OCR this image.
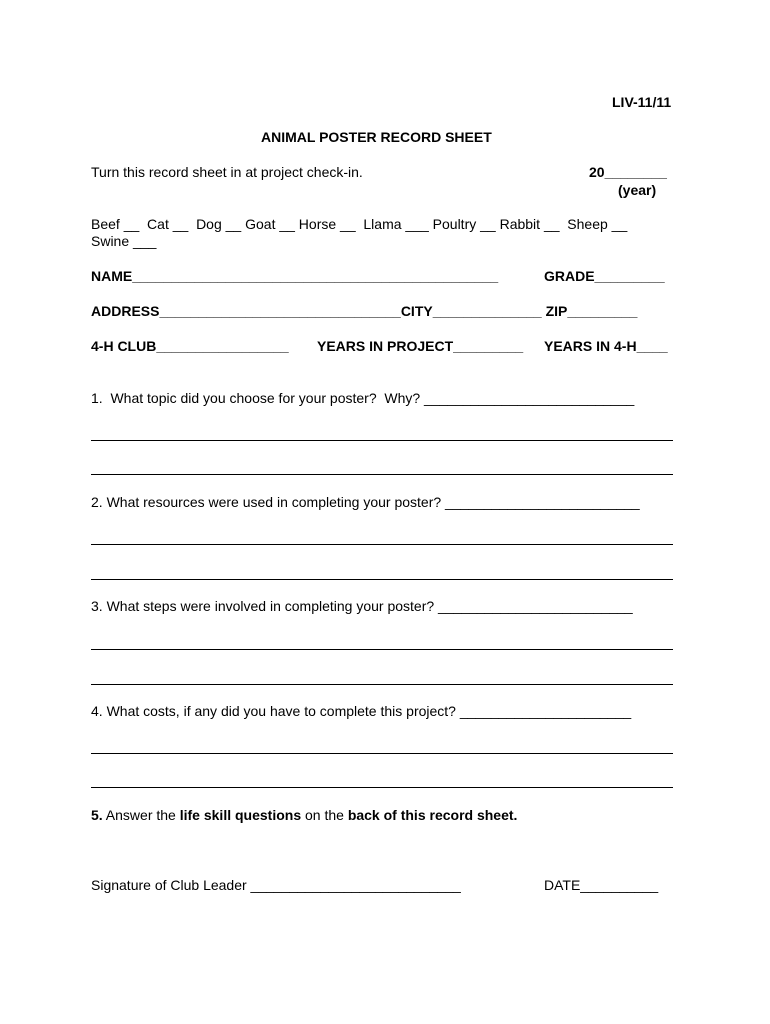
LIV-11/11
ANIMAL POSTER RECORD SHEET
Turn this record sheet in at project check-in.	20________
(year)
Beef __  Cat __  Dog __ Goat __ Horse __  Llama ___ Poultry __ Rabbit __  Sheep __
Swine ___
NAME_______________________________________________	GRADE_________
ADDRESS_______________________________CITY______________ ZIP_________
4-H CLUB_________________ YEARS IN PROJECT_________ YEARS IN 4-H____
1.  What topic did you choose for your poster?  Why? ___________________________
2. What resources were used in completing your poster? _________________________
3. What steps were involved in completing your poster? _________________________
4. What costs, if any did you have to complete this project? ______________________
5. Answer the life skill questions on the back of this record sheet.
Signature of Club Leader ___________________________	DATE__________
